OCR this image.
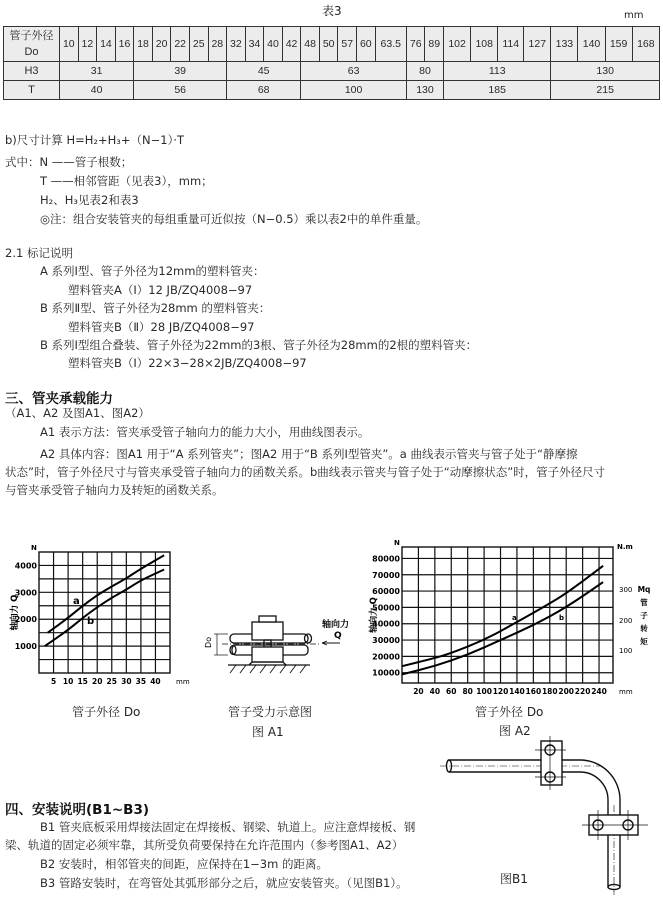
表3	mm
管子外径
Do	10	12	14	16	18	20	22	25	28	32	34	40	42	48	50	57	60	63.5	76	89	102	108	114	127	133	140	159	168
H3	31				39					45				63					80		113				130			
T	40				56					68				100					130		185				215			
b)尺寸计算 H=H₂+H₃+（N−1）·T
式中：N ——管子根数；
T ——相邻管距（见表3），mm；
H₂、H₃见表2和表3
◎注：组合安装管夹的每组重量可近似按（N−0.5）乘以表2中的单件重量。
2.1 标记说明
A 系列Ⅰ型、管子外径为12mm的塑料管夹：
塑料管夹A（Ⅰ）12 JB/ZQ4008−97
B 系列Ⅱ型、管子外径为28mm 的塑料管夹：
塑料管夹B（Ⅱ）28 JB/ZQ4008−97
B 系列Ⅰ型组合叠装、管子外径为22mm的3根、管子外径为28mm的2根的塑料管夹：
塑料管夹B（Ⅰ）22×3−28×2JB/ZQ4008−97
三、管夹承载能力
（A1、A2 及图A1、图A2）
A1 表示方法：管夹承受管子轴向力的能力大小，用曲线图表示。
A2 具体内容：图A1 用于“A 系列管夹”；图A2 用于“B 系列Ⅰ型管夹”。a 曲线表示管夹与管子处于“静摩擦
状态”时，管子外径尺寸与管夹承受管子轴向力的函数关系。b曲线表示管夹与管子处于“动摩擦状态”时，管子外径尺寸
与管夹承受管子轴向力及转矩的函数关系。
5 10 15 20 25 30 35 40
1000
2000
3000
4000
N
mm
轴向力 Q	a
b
20 40 60 80 100 120 140 160 180 200 220 240
10000
20000
30000
40000
50000
60000
70000
80000
N
mm
轴向力 Q	a	b
N.m
300
200
100
Mq
管
子
转
矩
Do
轴向力
Q
管子外径 Do	管子受力示意图
图 A1
管子外径 Do
图 A2
图B1
四、安装说明(B1~B3)
B1 管夹底板采用焊接法固定在焊接板、钢梁、轨道上。应注意焊接板、钢
梁、轨道的固定必须牢靠，其所受负荷要保持在允许范围内（参考图A1、A2）
B2 安装时，相邻管夹的间距，应保持在1−3m 的距离。
B3 管路安装时，在弯管处其弧形部分之后，就应安装管夹。（见图B1）。
